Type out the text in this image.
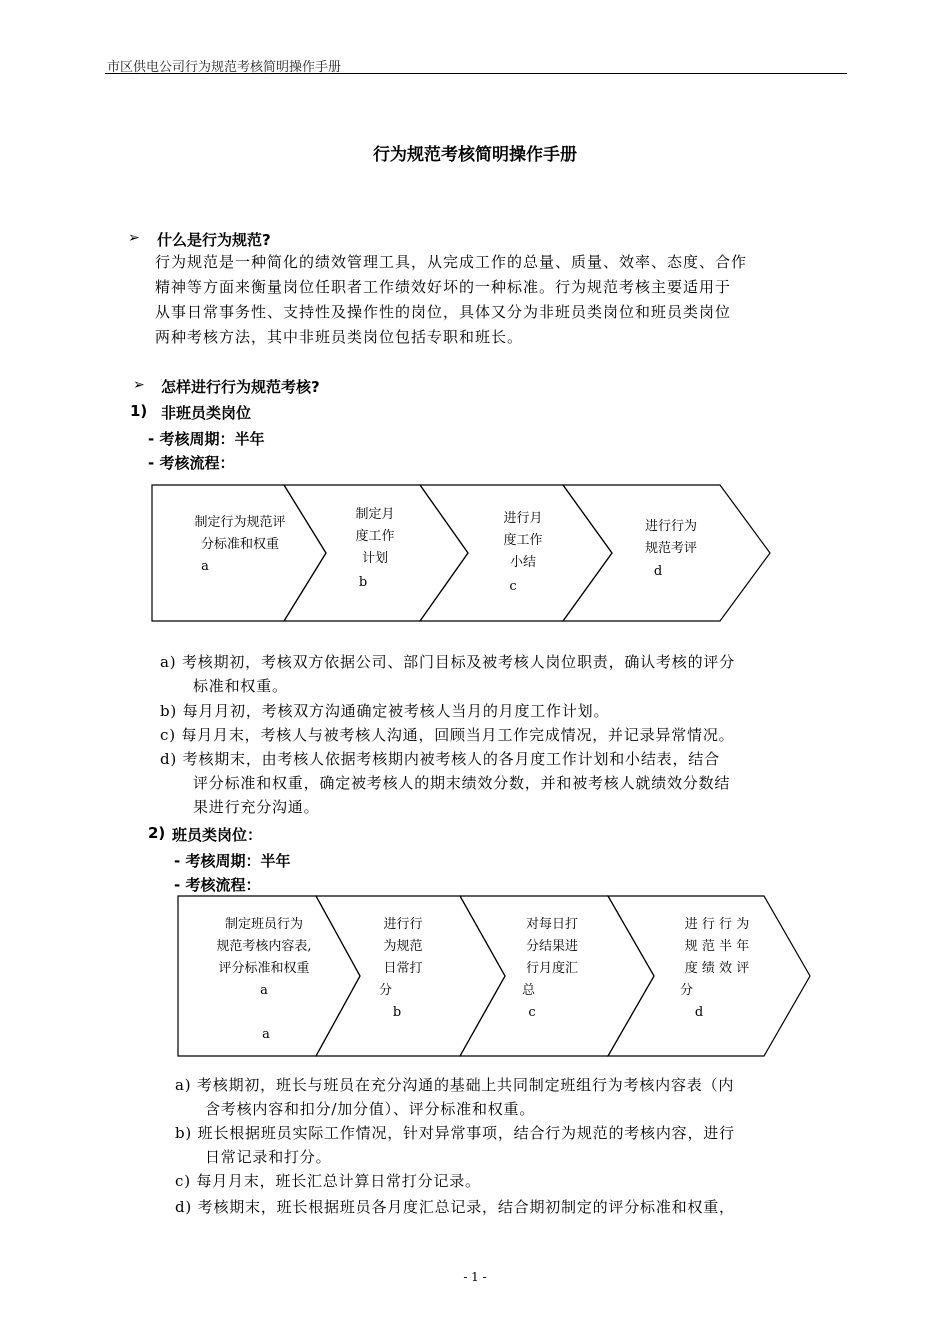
市区供电公司行为规范考核简明操作手册
行为规范考核简明操作手册
➢ 什么是行为规范?
行为规范是一种简化的绩效管理工具，从完成工作的总量、质量、效率、态度、合作
精神等方面来衡量岗位任职者工作绩效好坏的一种标准。行为规范考核主要适用于
从事日常事务性、支持性及操作性的岗位，具体又分为非班员类岗位和班员类岗位
两种考核方法，其中非班员类岗位包括专职和班长。
➢ 怎样进行行为规范考核?
1) 非班员类岗位
- 考核周期：半年
- 考核流程：
制定行为规范评
分标准和权重
a
制定月
度工作
计划
b
进行月
度工作
小结
c
进行行为
规范考评
d
a) 考核期初，考核双方依据公司、部门目标及被考核人岗位职责，确认考核的评分
标准和权重。
b) 每月月初，考核双方沟通确定被考核人当月的月度工作计划。
c) 每月月末，考核人与被考核人沟通，回顾当月工作完成情况，并记录异常情况。
d) 考核期末，由考核人依据考核期内被考核人的各月度工作计划和小结表，结合
评分标准和权重，确定被考核人的期末绩效分数，并和被考核人就绩效分数结
果进行充分沟通。
2) 班员类岗位：
- 考核周期：半年
- 考核流程：
制定班员行为
规范考核内容表,
评分标准和权重
a
a
进行行
为规范
日常打
分
b
对每日打
分结果进
行月度汇
总
c
进 行 行 为
规 范 半 年
度 绩 效 评
分
d
a) 考核期初，班长与班员在充分沟通的基础上共同制定班组行为考核内容表（内
含考核内容和扣分/加分值）、评分标准和权重。
b) 班长根据班员实际工作情况，针对异常事项，结合行为规范的考核内容，进行
日常记录和打分。
c) 每月月末，班长汇总计算日常打分记录。
d) 考核期末，班长根据班员各月度汇总记录，结合期初制定的评分标准和权重，
- 1 -
